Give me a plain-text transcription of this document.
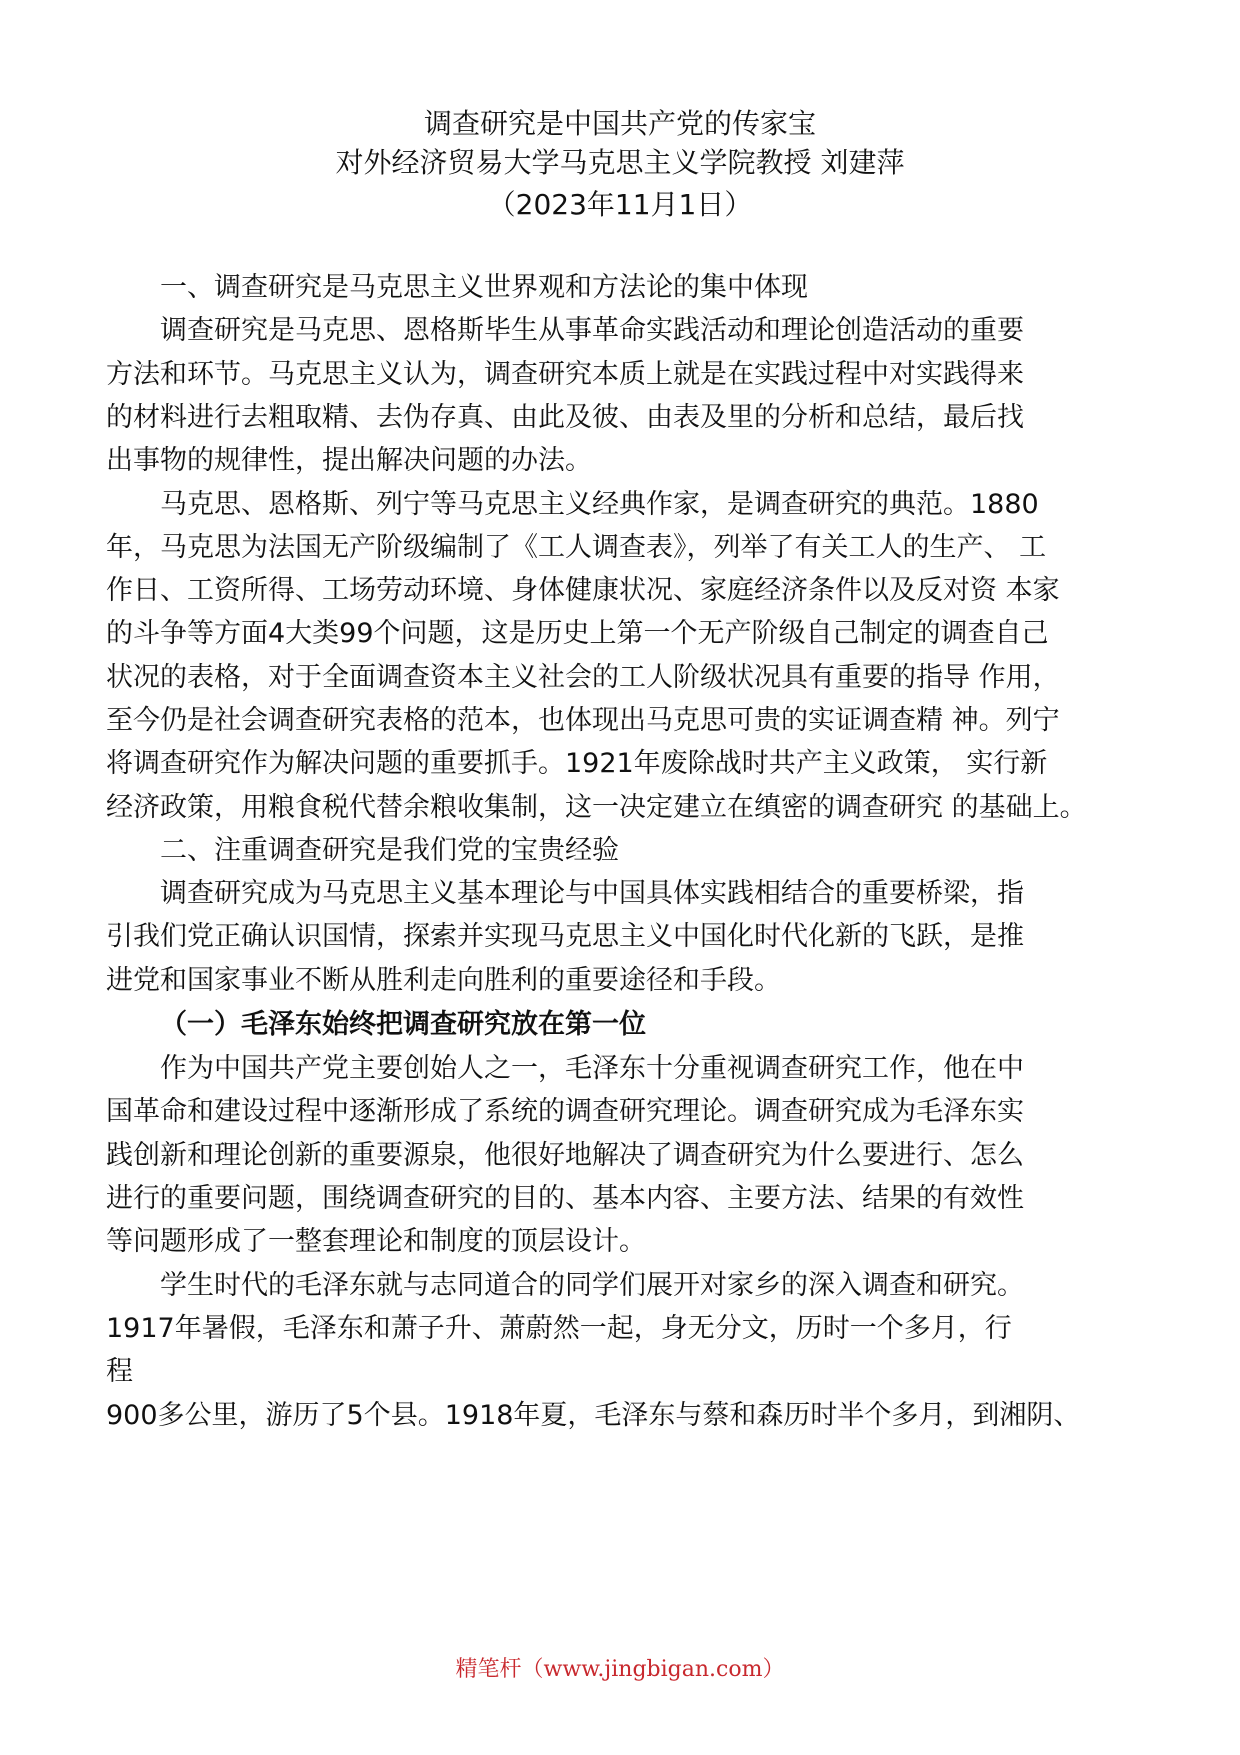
调查研究是中国共产党的传家宝
对外经济贸易大学马克思主义学院教授 刘建萍
（2023年11月1日）
一、调查研究是马克思主义世界观和方法论的集中体现
调查研究是马克思、恩格斯毕生从事革命实践活动和理论创造活动的重要
方法和环节。马克思主义认为，调查研究本质上就是在实践过程中对实践得来
的材料进行去粗取精、去伪存真、由此及彼、由表及里的分析和总结，最后找
出事物的规律性，提出解决问题的办法。
马克思、恩格斯、列宁等马克思主义经典作家，是调查研究的典范。1880
年，马克思为法国无产阶级编制了《工人调查表》，列举了有关工人的生产、 工
作日、工资所得、工场劳动环境、身体健康状况、家庭经济条件以及反对资 本家
的斗争等方面4大类99个问题，这是历史上第一个无产阶级自己制定的调查自己
状况的表格，对于全面调查资本主义社会的工人阶级状况具有重要的指导 作用，
至今仍是社会调查研究表格的范本，也体现出马克思可贵的实证调查精 神。列宁
将调查研究作为解决问题的重要抓手。1921年废除战时共产主义政策， 实行新
经济政策，用粮食税代替余粮收集制，这一决定建立在缜密的调查研究 的基础上。
二、注重调查研究是我们党的宝贵经验
调查研究成为马克思主义基本理论与中国具体实践相结合的重要桥梁，指
引我们党正确认识国情，探索并实现马克思主义中国化时代化新的飞跃，是推
进党和国家事业不断从胜利走向胜利的重要途径和手段。
（一）毛泽东始终把调查研究放在第一位
作为中国共产党主要创始人之一，毛泽东十分重视调查研究工作，他在中
国革命和建设过程中逐渐形成了系统的调查研究理论。调查研究成为毛泽东实
践创新和理论创新的重要源泉，他很好地解决了调查研究为什么要进行、怎么
进行的重要问题，围绕调查研究的目的、基本内容、主要方法、结果的有效性
等问题形成了一整套理论和制度的顶层设计。
学生时代的毛泽东就与志同道合的同学们展开对家乡的深入调查和研究。
1917年暑假，毛泽东和萧子升、萧蔚然一起，身无分文，历时一个多月，行
程
900多公里，游历了5个县。1918年夏，毛泽东与蔡和森历时半个多月，到湘阴、
精笔杆（www.jingbigan.com）
